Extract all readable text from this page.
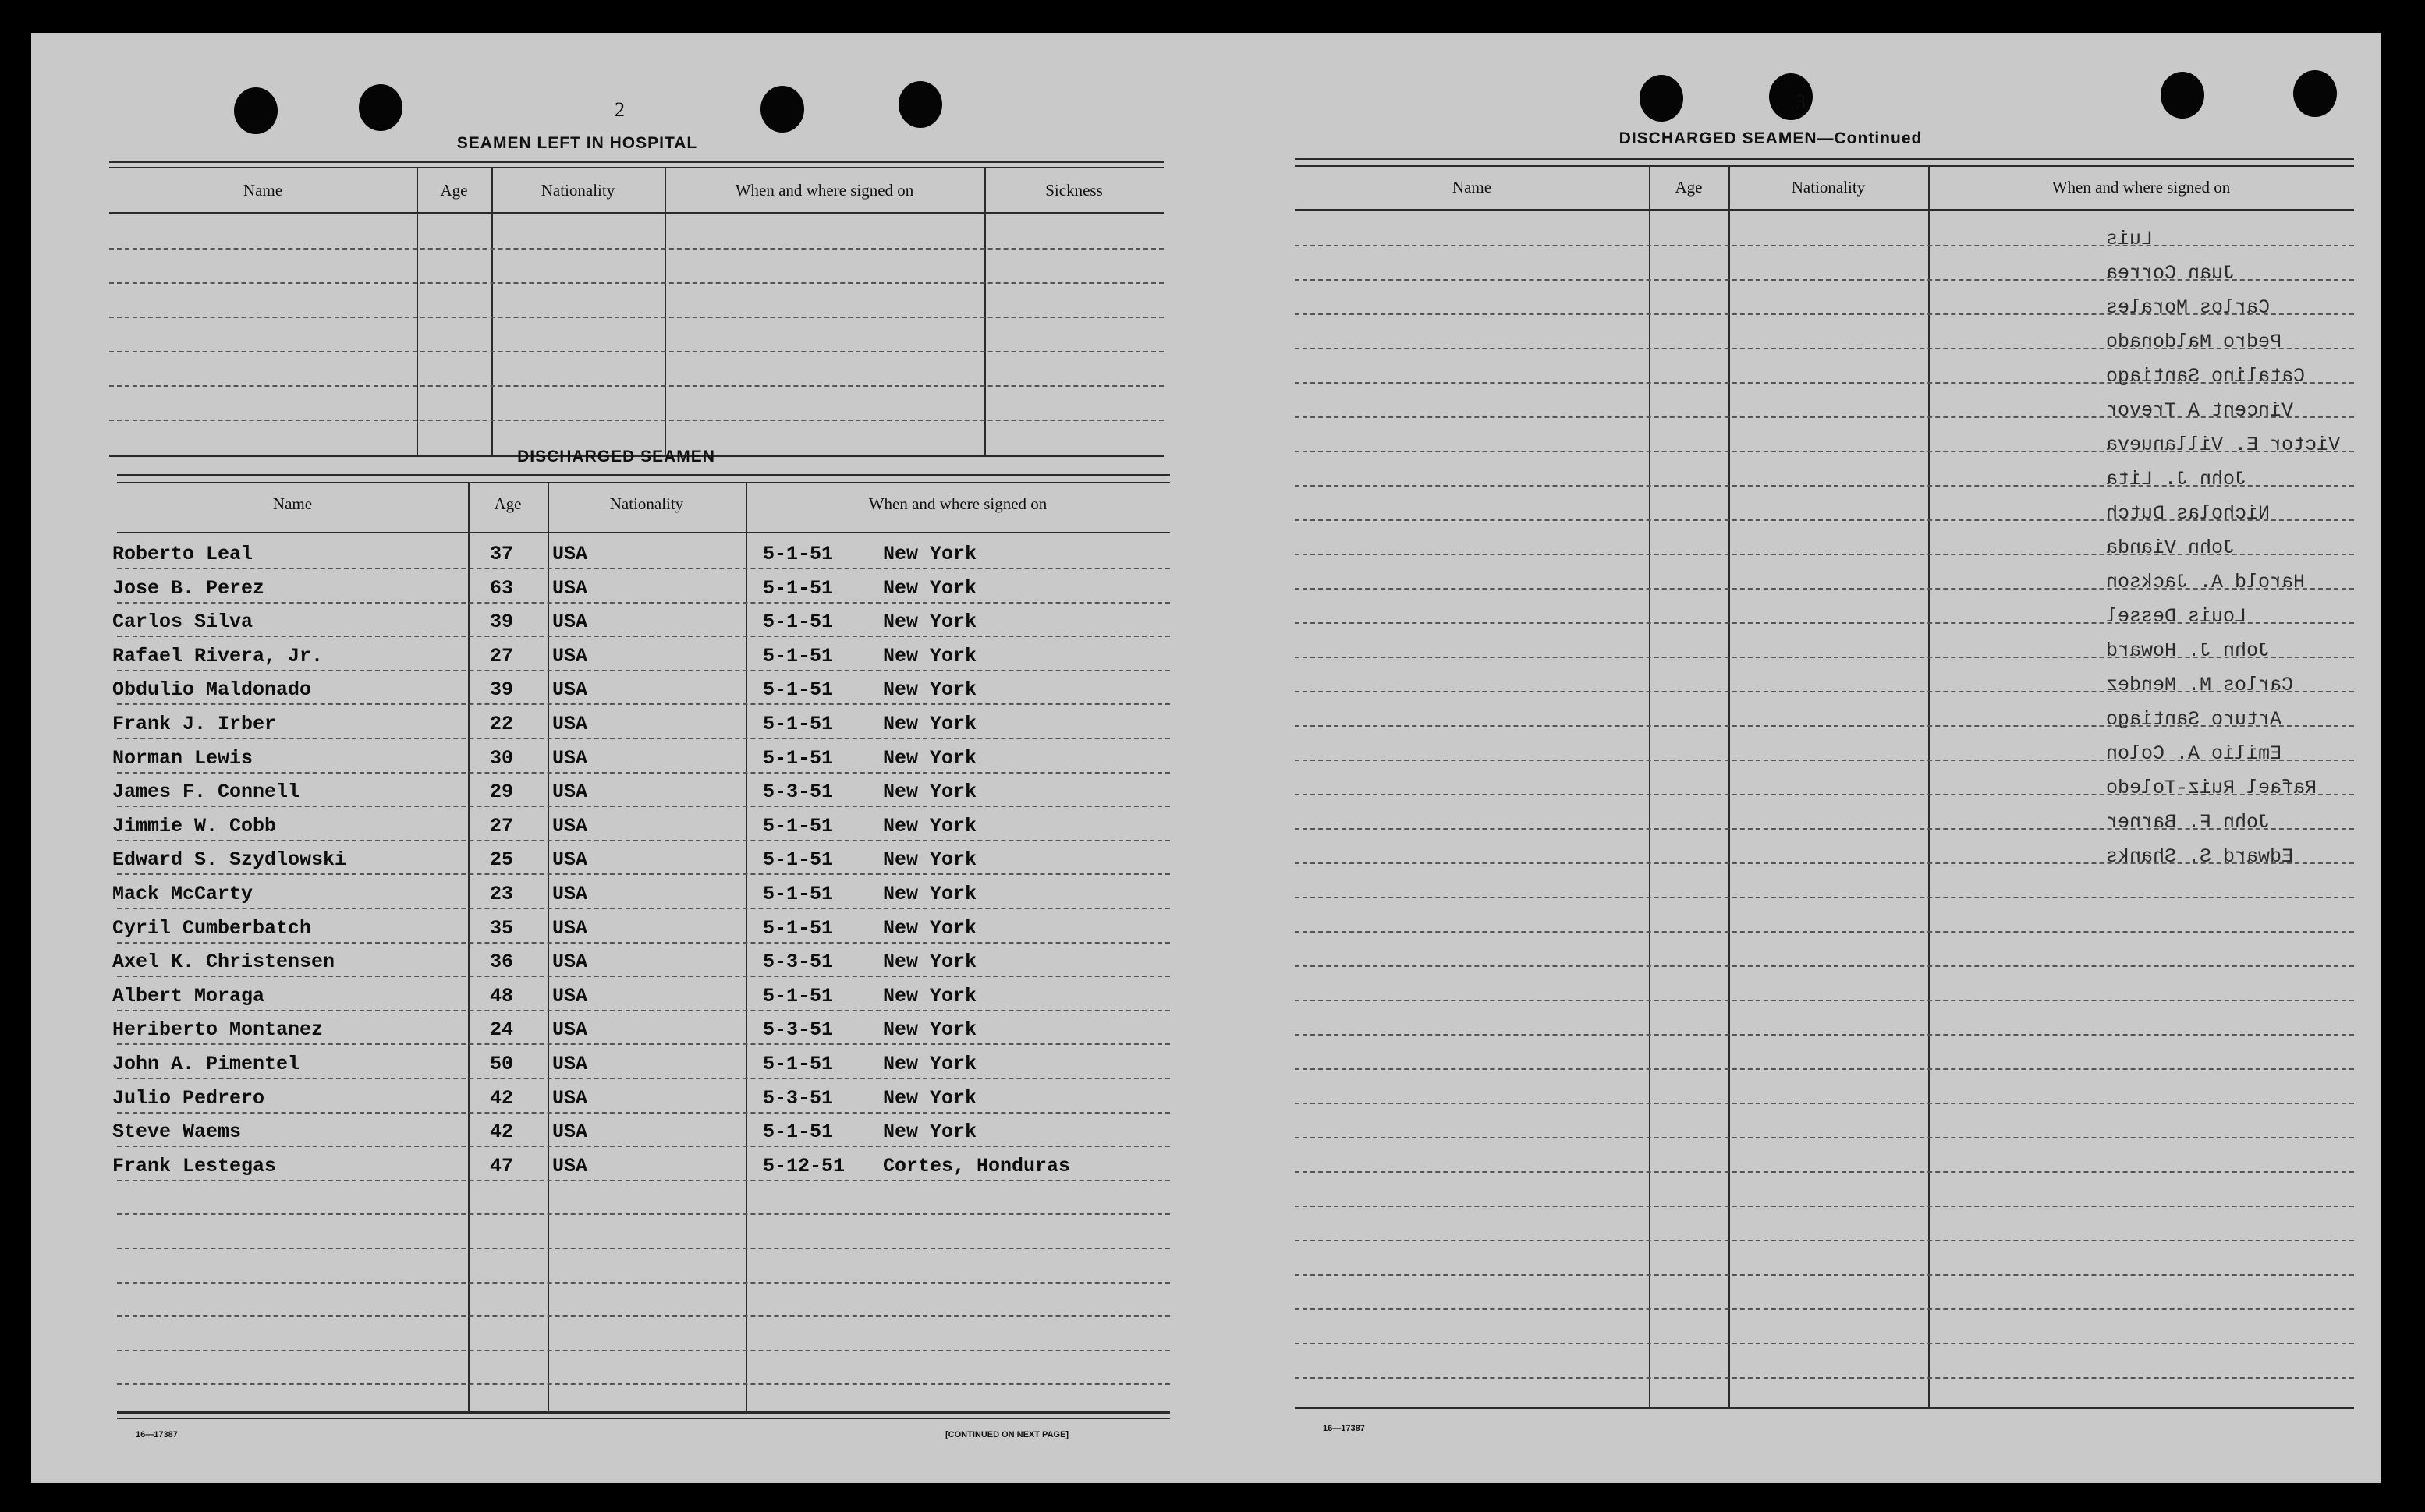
2
SEAMEN LEFT IN HOSPITAL
Name	Age	Nationality	When and where signed on	Sickness
DISCHARGED SEAMEN
Name	Age	Nationality	When and where signed on
Roberto Leal	37 USA	5-1-51	New York
Jose B. Perez	63 USA	5-1-51	New York
Carlos Silva	39 USA	5-1-51	New York
Rafael Rivera, Jr.	27 USA	5-1-51	New York
Obdulio Maldonado	39 USA	5-1-51	New York
Frank J. Irber	22 USA	5-1-51	New York
Norman Lewis	30 USA	5-1-51	New York
James F. Connell	29 USA	5-3-51	New York
Jimmie W. Cobb	27 USA	5-1-51	New York
Edward S. Szydlowski	25 USA	5-1-51	New York
Mack McCarty	23 USA	5-1-51	New York
Cyril Cumberbatch	35 USA	5-1-51	New York
Axel K. Christensen	36 USA	5-3-51	New York
Albert Moraga	48 USA	5-1-51	New York
Heriberto Montanez	24 USA	5-3-51	New York
John A. Pimentel	50 USA	5-1-51	New York
Julio Pedrero	42 USA	5-3-51	New York
Steve Waems	42 USA	5-1-51	New York
Frank Lestegas	47 USA	5-12-51 Cortes, Honduras
16—17387	[CONTINUED ON NEXT PAGE]
3
DISCHARGED SEAMEN—Continued
Name	Age	Nationality	When and where signed on
Luis
Juan Correa
Carlos Morales
Pedro Maldonado
Catalino Santiago
Vincent A Trevor
Victor E. Villanueva
John J. Lita
Nicholas Dutch
John Vianda
Harold A. Jackson
Louis Dessel
John J. Howard
Carlos M. Mendez
Arturo Santiago
Emilio A. Colon
Rafael Ruiz-Toledo
John F. Barner
Edward S. Shanks
16—17387
